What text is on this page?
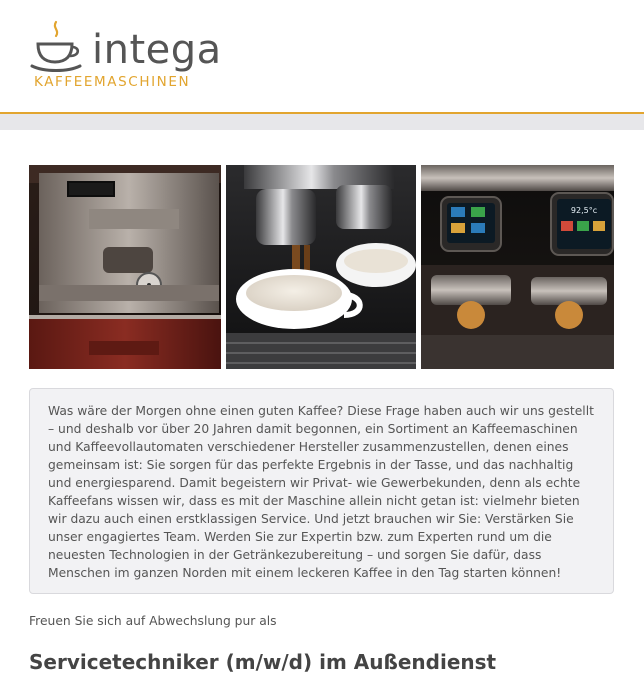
intega
KAFFEEMASCHINEN
92,5°c
Was wäre der Morgen ohne einen guten Kaffee? Diese Frage haben auch wir uns gestellt – und deshalb vor über 20 Jahren damit begonnen, ein Sortiment an Kaffeemaschinen und Kaffeevollautomaten verschiedener Hersteller zusammenzustellen, denen eines gemeinsam ist: Sie sorgen für das perfekte Ergebnis in der Tasse, und das nachhaltig und energiesparend. Damit begeistern wir Privat- wie Gewerbekunden, denn als echte Kaffeefans wissen wir, dass es mit der Maschine allein nicht getan ist: vielmehr bieten wir dazu auch einen erstklassigen Service. Und jetzt brauchen wir Sie: Verstärken Sie unser engagiertes Team. Werden Sie zur Expertin bzw. zum Experten rund um die neuesten Technologien in der Getränkezubereitung – und sorgen Sie dafür, dass Menschen im ganzen Norden mit einem leckeren Kaffee in den Tag starten können!
Freuen Sie sich auf Abwechslung pur als
Servicetechniker (m/w/d) im Außendienst
